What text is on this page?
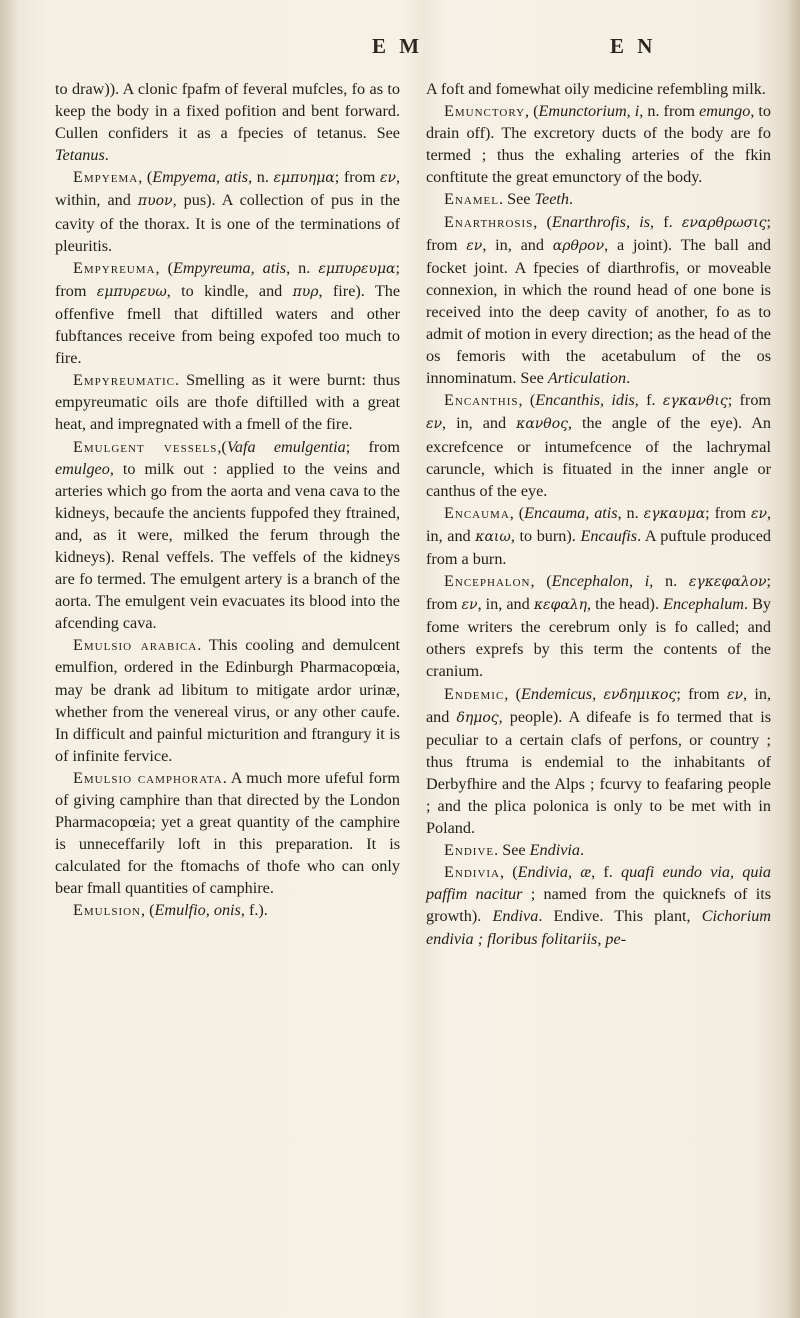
E M	E N

to draw)). A clonic fpafm of feveral mufcles, fo as to keep the body in a fixed pofition and bent forward. Cullen confiders it as a fpecies of tetanus. See Tetanus.

Empyema, (Empyema, atis, n. εμπυημα; from εν, within, and πυον, pus). A collection of pus in the cavity of the thorax. It is one of the terminations of pleuritis.

Empyreuma, (Empyreuma, atis, n. εμπυρευμα; from εμπυρευω, to kindle, and πυρ, fire). The offenfive fmell that diftilled waters and other fubftances receive from being expofed too much to fire.

Empyreumatic. Smelling as it were burnt: thus empyreumatic oils are thofe diftilled with a great heat, and impregnated with a fmell of the fire.

Emulgent vessels,(Vafa emulgentia; from emulgeo, to milk out : applied to the veins and arteries which go from the aorta and vena cava to the kidneys, becaufe the ancients fuppofed they ftrained, and, as it were, milked the ferum through the kidneys). Renal veffels. The veffels of the kidneys are fo termed. The emulgent artery is a branch of the aorta. The emulgent vein evacuates its blood into the afcending cava.

Emulsio arabica. This cooling and demulcent emulfion, ordered in the Edinburgh Pharmacopœia, may be drank ad libitum to mitigate ardor urinæ, whether from the venereal virus, or any other caufe. In difficult and painful micturition and ftrangury it is of infinite fervice.

Emulsio camphorata. A much more ufeful form of giving camphire than that directed by the London Pharmacopœia; yet a great quantity of the camphire is unneceffarily loft in this preparation. It is calculated for the ftomachs of thofe who can only bear fmall quantities of camphire.

Emulsion, (Emulfio, onis, f.).

A foft and fomewhat oily medicine refembling milk.

Emunctory, (Emunctorium, i, n. from emungo, to drain off). The excretory ducts of the body are fo termed ; thus the exhaling arteries of the fkin conftitute the great emunctory of the body.

Enamel. See Teeth.

Enarthrosis, (Enarthrofis, is, f. εναρθρωσις; from εν, in, and αρθρον, a joint). The ball and focket joint. A fpecies of diarthrofis, or moveable connexion, in which the round head of one bone is received into the deep cavity of another, fo as to admit of motion in every direction; as the head of the os femoris with the acetabulum of the os innominatum. See Articulation.

Encanthis, (Encanthis, idis, f. εγκανθις; from εν, in, and κανθος, the angle of the eye). An excrefcence or intumefcence of the lachrymal caruncle, which is fituated in the inner angle or canthus of the eye.

Encauma, (Encauma, atis, n. εγκαυμα; from εν, in, and καιω, to burn). Encaufis. A puftule produced from a burn.

Encephalon, (Encephalon, i, n. εγκεφαλον; from εν, in, and κεφαλη, the head). Encephalum. By fome writers the cerebrum only is fo called; and others exprefs by this term the contents of the cranium.

Endemic, (Endemicus, ενδημικος; from εν, in, and δημος, people). A difeafe is fo termed that is peculiar to a certain clafs of perfons, or country ; thus ftruma is endemial to the inhabitants of Derbyfhire and the Alps ; fcurvy to feafaring people ; and the plica polonica is only to be met with in Poland.

Endive. See Endivia.

Endivia, (Endivia, æ, f. quafi eundo via, quia paffim nacitur ; named from the quicknefs of its growth). Endiva. Endive. This plant, Cichorium endivia ; floribus folitariis, pe-
